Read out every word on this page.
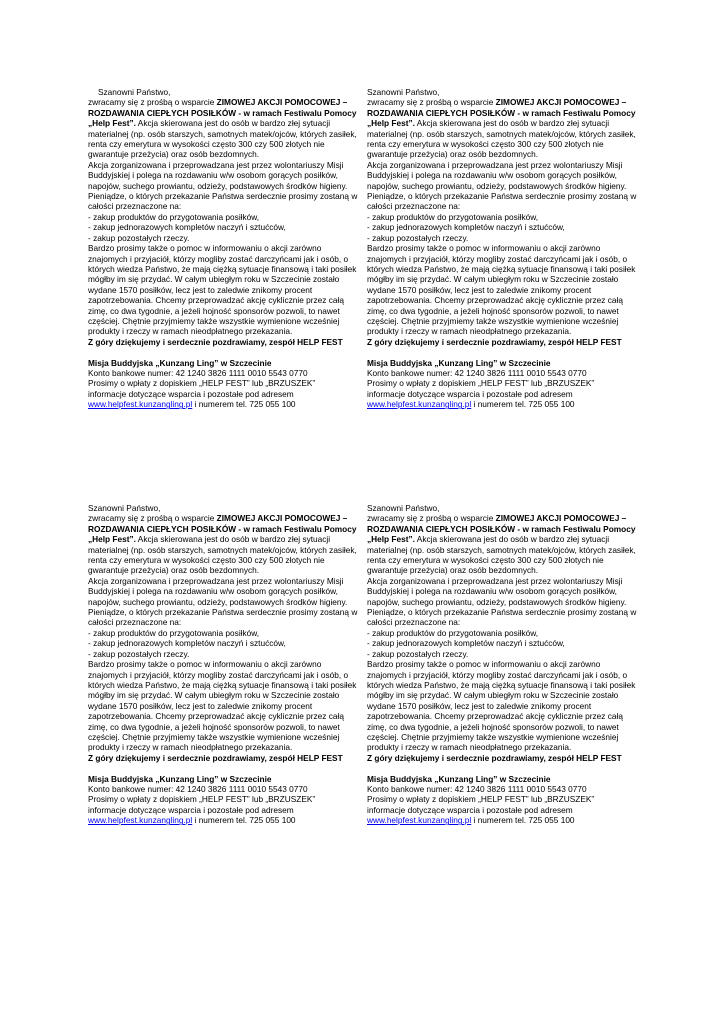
Szanowni Państwo,

zwracamy się z prośbą o wsparcie ZIMOWEJ AKCJI POMOCOWEJ – ROZDAWANIA CIEPŁYCH POSIŁKÓW - w ramach Festiwalu Pomocy „Help Fest”. Akcja skierowana jest do osób w bardzo złej sytuacji materialnej (np. osób starszych, samotnych matek/ojców, których zasiłek, renta czy emerytura w wysokości często 300 czy 500 złotych nie gwarantuje przeżycia) oraz osób bezdomnych.

Akcja zorganizowana i przeprowadzana jest przez wolontariuszy Misji Buddyjskiej i polega na rozdawaniu w/w osobom gorących posiłków, napojów, suchego prowiantu, odzieży, podstawowych środków higieny.

Pieniądze, o których przekazanie Państwa serdecznie prosimy zostaną w całości przeznaczone na:

- zakup produktów do przygotowania posiłków,

- zakup jednorazowych kompletów naczyń i sztućców,

- zakup pozostałych rzeczy.

Bardzo prosimy także o pomoc w informowaniu o akcji zarówno znajomych i przyjaciół, którzy mogliby zostać darczyńcami jak i osób, o których wiedza Państwo, że mają ciężką sytuacje finansową i taki posiłek mógłby im się przydać. W całym ubiegłym roku w Szczecinie zostało wydane 1570 posiłków, lecz jest to zaledwie znikomy procent zapotrzebowania. Chcemy przeprowadzać akcję cyklicznie przez całą zimę, co dwa tygodnie, a jeżeli hojność sponsorów pozwoli, to nawet częściej. Chętnie przyjmiemy także wszystkie wymienione wcześniej produkty i rzeczy w ramach nieodpłatnego przekazania.

Z góry dziękujemy i serdecznie pozdrawiamy, zespół HELP FEST

Misja Buddyjska „Kunzang Ling” w Szczecinie

Konto bankowe numer: 42 1240 3826 1111 0010 5543 0770

Prosimy o wpłaty z dopiskiem „HELP FEST” lub „BRZUSZEK”

informacje dotyczące wsparcia i pozostałe pod adresem

www.helpfest.kunzangling.pl i numerem tel. 725 055 100

Szanowni Państwo,

zwracamy się z prośbą o wsparcie ZIMOWEJ AKCJI POMOCOWEJ – ROZDAWANIA CIEPŁYCH POSIŁKÓW - w ramach Festiwalu Pomocy „Help Fest”. Akcja skierowana jest do osób w bardzo złej sytuacji materialnej (np. osób starszych, samotnych matek/ojców, których zasiłek, renta czy emerytura w wysokości często 300 czy 500 złotych nie gwarantuje przeżycia) oraz osób bezdomnych.

Akcja zorganizowana i przeprowadzana jest przez wolontariuszy Misji Buddyjskiej i polega na rozdawaniu w/w osobom gorących posiłków, napojów, suchego prowiantu, odzieży, podstawowych środków higieny.

Pieniądze, o których przekazanie Państwa serdecznie prosimy zostaną w całości przeznaczone na:

- zakup produktów do przygotowania posiłków,

- zakup jednorazowych kompletów naczyń i sztućców,

- zakup pozostałych rzeczy.

Bardzo prosimy także o pomoc w informowaniu o akcji zarówno znajomych i przyjaciół, którzy mogliby zostać darczyńcami jak i osób, o których wiedza Państwo, że mają ciężką sytuacje finansową i taki posiłek mógłby im się przydać. W całym ubiegłym roku w Szczecinie zostało wydane 1570 posiłków, lecz jest to zaledwie znikomy procent zapotrzebowania. Chcemy przeprowadzać akcję cyklicznie przez całą zimę, co dwa tygodnie, a jeżeli hojność sponsorów pozwoli, to nawet częściej. Chętnie przyjmiemy także wszystkie wymienione wcześniej produkty i rzeczy w ramach nieodpłatnego przekazania.

Z góry dziękujemy i serdecznie pozdrawiamy, zespół HELP FEST

Misja Buddyjska „Kunzang Ling” w Szczecinie

Konto bankowe numer: 42 1240 3826 1111 0010 5543 0770

Prosimy o wpłaty z dopiskiem „HELP FEST” lub „BRZUSZEK”

informacje dotyczące wsparcia i pozostałe pod adresem

www.helpfest.kunzangling.pl i numerem tel. 725 055 100

Szanowni Państwo,

zwracamy się z prośbą o wsparcie ZIMOWEJ AKCJI POMOCOWEJ – ROZDAWANIA CIEPŁYCH POSIŁKÓW - w ramach Festiwalu Pomocy „Help Fest”. Akcja skierowana jest do osób w bardzo złej sytuacji materialnej (np. osób starszych, samotnych matek/ojców, których zasiłek, renta czy emerytura w wysokości często 300 czy 500 złotych nie gwarantuje przeżycia) oraz osób bezdomnych.

Akcja zorganizowana i przeprowadzana jest przez wolontariuszy Misji Buddyjskiej i polega na rozdawaniu w/w osobom gorących posiłków, napojów, suchego prowiantu, odzieży, podstawowych środków higieny.

Pieniądze, o których przekazanie Państwa serdecznie prosimy zostaną w całości przeznaczone na:

- zakup produktów do przygotowania posiłków,

- zakup jednorazowych kompletów naczyń i sztućców,

- zakup pozostałych rzeczy.

Bardzo prosimy także o pomoc w informowaniu o akcji zarówno znajomych i przyjaciół, którzy mogliby zostać darczyńcami jak i osób, o których wiedza Państwo, że mają ciężką sytuacje finansową i taki posiłek mógłby im się przydać. W całym ubiegłym roku w Szczecinie zostało wydane 1570 posiłków, lecz jest to zaledwie znikomy procent zapotrzebowania. Chcemy przeprowadzać akcję cyklicznie przez całą zimę, co dwa tygodnie, a jeżeli hojność sponsorów pozwoli, to nawet częściej. Chętnie przyjmiemy także wszystkie wymienione wcześniej produkty i rzeczy w ramach nieodpłatnego przekazania.

Z góry dziękujemy i serdecznie pozdrawiamy, zespół HELP FEST

Misja Buddyjska „Kunzang Ling” w Szczecinie

Konto bankowe numer: 42 1240 3826 1111 0010 5543 0770

Prosimy o wpłaty z dopiskiem „HELP FEST” lub „BRZUSZEK”

informacje dotyczące wsparcia i pozostałe pod adresem

www.helpfest.kunzangling.pl i numerem tel. 725 055 100

Szanowni Państwo,

zwracamy się z prośbą o wsparcie ZIMOWEJ AKCJI POMOCOWEJ – ROZDAWANIA CIEPŁYCH POSIŁKÓW - w ramach Festiwalu Pomocy „Help Fest”. Akcja skierowana jest do osób w bardzo złej sytuacji materialnej (np. osób starszych, samotnych matek/ojców, których zasiłek, renta czy emerytura w wysokości często 300 czy 500 złotych nie gwarantuje przeżycia) oraz osób bezdomnych.

Akcja zorganizowana i przeprowadzana jest przez wolontariuszy Misji Buddyjskiej i polega na rozdawaniu w/w osobom gorących posiłków, napojów, suchego prowiantu, odzieży, podstawowych środków higieny.

Pieniądze, o których przekazanie Państwa serdecznie prosimy zostaną w całości przeznaczone na:

- zakup produktów do przygotowania posiłków,

- zakup jednorazowych kompletów naczyń i sztućców,

- zakup pozostałych rzeczy.

Bardzo prosimy także o pomoc w informowaniu o akcji zarówno znajomych i przyjaciół, którzy mogliby zostać darczyńcami jak i osób, o których wiedza Państwo, że mają ciężką sytuacje finansową i taki posiłek mógłby im się przydać. W całym ubiegłym roku w Szczecinie zostało wydane 1570 posiłków, lecz jest to zaledwie znikomy procent zapotrzebowania. Chcemy przeprowadzać akcję cyklicznie przez całą zimę, co dwa tygodnie, a jeżeli hojność sponsorów pozwoli, to nawet częściej. Chętnie przyjmiemy także wszystkie wymienione wcześniej produkty i rzeczy w ramach nieodpłatnego przekazania.

Z góry dziękujemy i serdecznie pozdrawiamy, zespół HELP FEST

Misja Buddyjska „Kunzang Ling” w Szczecinie

Konto bankowe numer: 42 1240 3826 1111 0010 5543 0770

Prosimy o wpłaty z dopiskiem „HELP FEST” lub „BRZUSZEK”

informacje dotyczące wsparcia i pozostałe pod adresem

www.helpfest.kunzangling.pl i numerem tel. 725 055 100
